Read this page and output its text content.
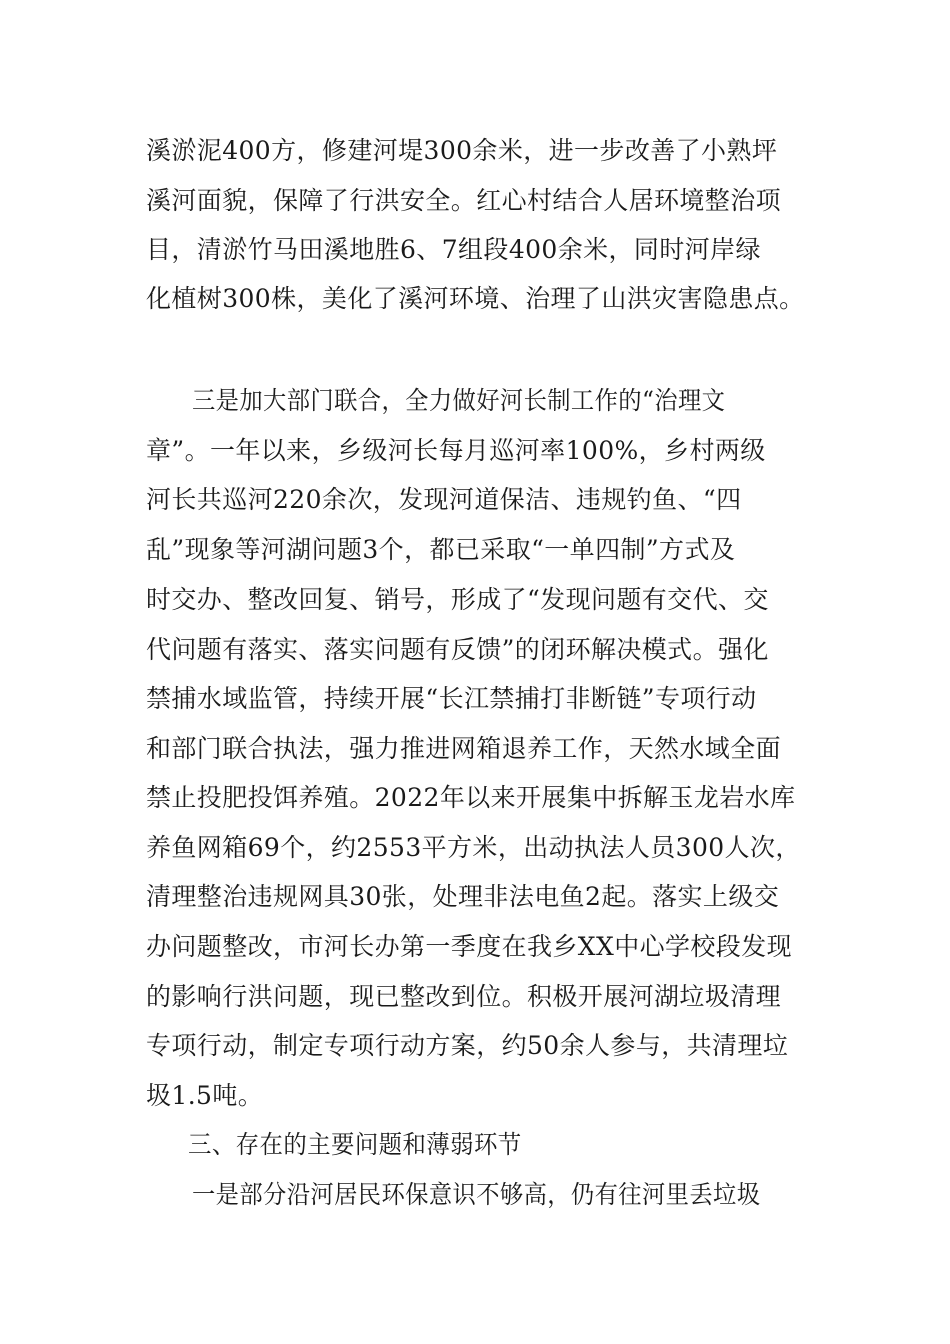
溪淤泥400方，修建河堤300余米，进一步改善了小熟坪
溪河面貌，保障了行洪安全。红心村结合人居环境整治项
目，清淤竹马田溪地胜6、7组段400余米，同时河岸绿
化植树300株，美化了溪河环境、治理了山洪灾害隐患点。
三是加大部门联合，全力做好河长制工作的“治理文
章”。一年以来，乡级河长每月巡河率100%，乡村两级
河长共巡河220余次，发现河道保洁、违规钓鱼、“四
乱”现象等河湖问题3个，都已采取“一单四制”方式及
时交办、整改回复、销号，形成了“发现问题有交代、交
代问题有落实、落实问题有反馈”的闭环解决模式。强化
禁捕水域监管，持续开展“长江禁捕打非断链”专项行动
和部门联合执法，强力推进网箱退养工作，天然水域全面
禁止投肥投饵养殖。2022年以来开展集中拆解玉龙岩水库
养鱼网箱69个，约2553平方米，出动执法人员300人次，
清理整治违规网具30张，处理非法电鱼2起。落实上级交
办问题整改，市河长办第一季度在我乡XX中心学校段发现
的影响行洪问题，现已整改到位。积极开展河湖垃圾清理
专项行动，制定专项行动方案，约50余人参与，共清理垃
圾1.5吨。
三、存在的主要问题和薄弱环节
一是部分沿河居民环保意识不够高，仍有往河里丢垃圾
